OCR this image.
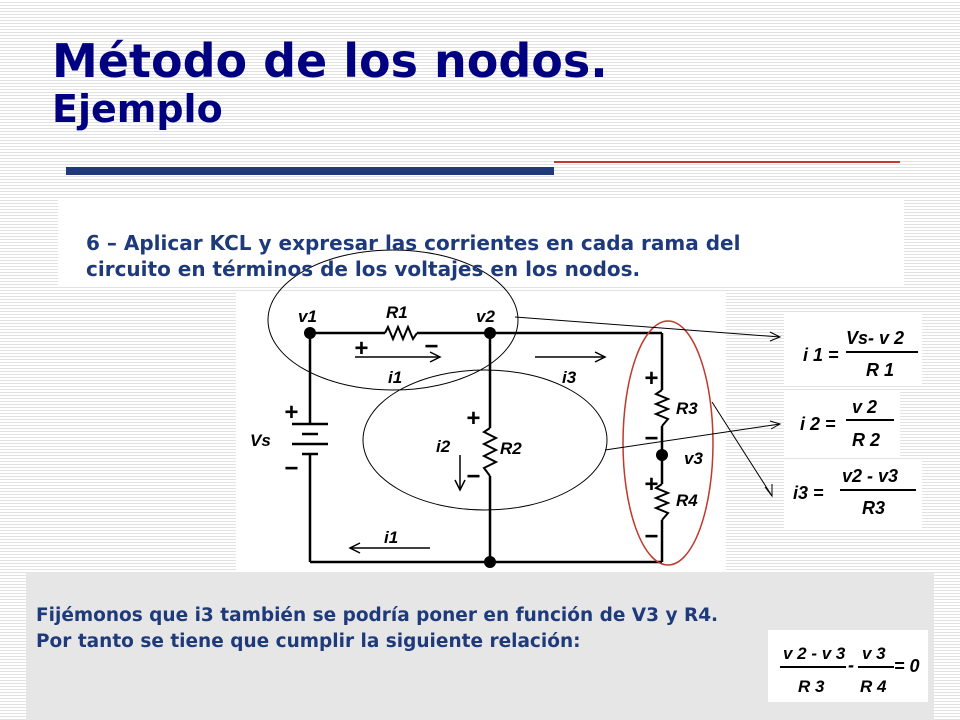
Método de los nodos.
Ejemplo
v1	v2
v3
R1
R2
R3
R4
Vs
i1	i3
i2
i1
+ −
+
−
+
−
+
−
+
−
i 1 =
Vs- v 2
R 1
i 2 =
v 2
R 2
i3 =
v2 - v3
R3
v 2 - v 3
R 3
-
v 3
R 4
= 0

6 – Aplicar KCL y expresar las corrientes en cada rama del
circuito en términos de los voltajes en los nodos.

Fijémonos que i3 también se podría poner en función de V3 y R4.
Por tanto se tiene que cumplir la siguiente relación:
